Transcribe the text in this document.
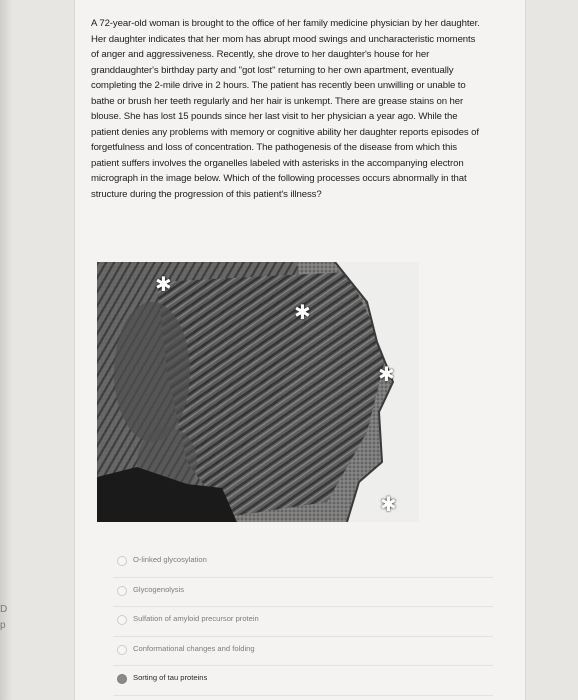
D
p
A 72-year-old woman is brought to the office of her family medicine physician by her daughter. Her daughter indicates that her mom has abrupt mood swings and uncharacteristic moments of anger and aggressiveness. Recently, she drove to her daughter's house for her granddaughter's birthday party and "got lost" returning to her own apartment, eventually completing the 2-mile drive in 2 hours. The patient has recently been unwilling or unable to bathe or brush her teeth regularly and her hair is unkempt. There are grease stains on her blouse. She has lost 15 pounds since her last visit to her physician a year ago. While the patient denies any problems with memory or cognitive ability her daughter reports episodes of forgetfulness and loss of concentration. The pathogenesis of the disease from which this patient suffers involves the organelles labeled with asterisks in the accompanying electron micrograph in the image below. Which of the following processes occurs abnormally in that structure during the progression of this patient's illness?
✱
✱
✱
✱
O-linked glycosylation
Glycogenolysis
Sulfation of amyloid precursor protein
Conformational changes and folding
Sorting of tau proteins
